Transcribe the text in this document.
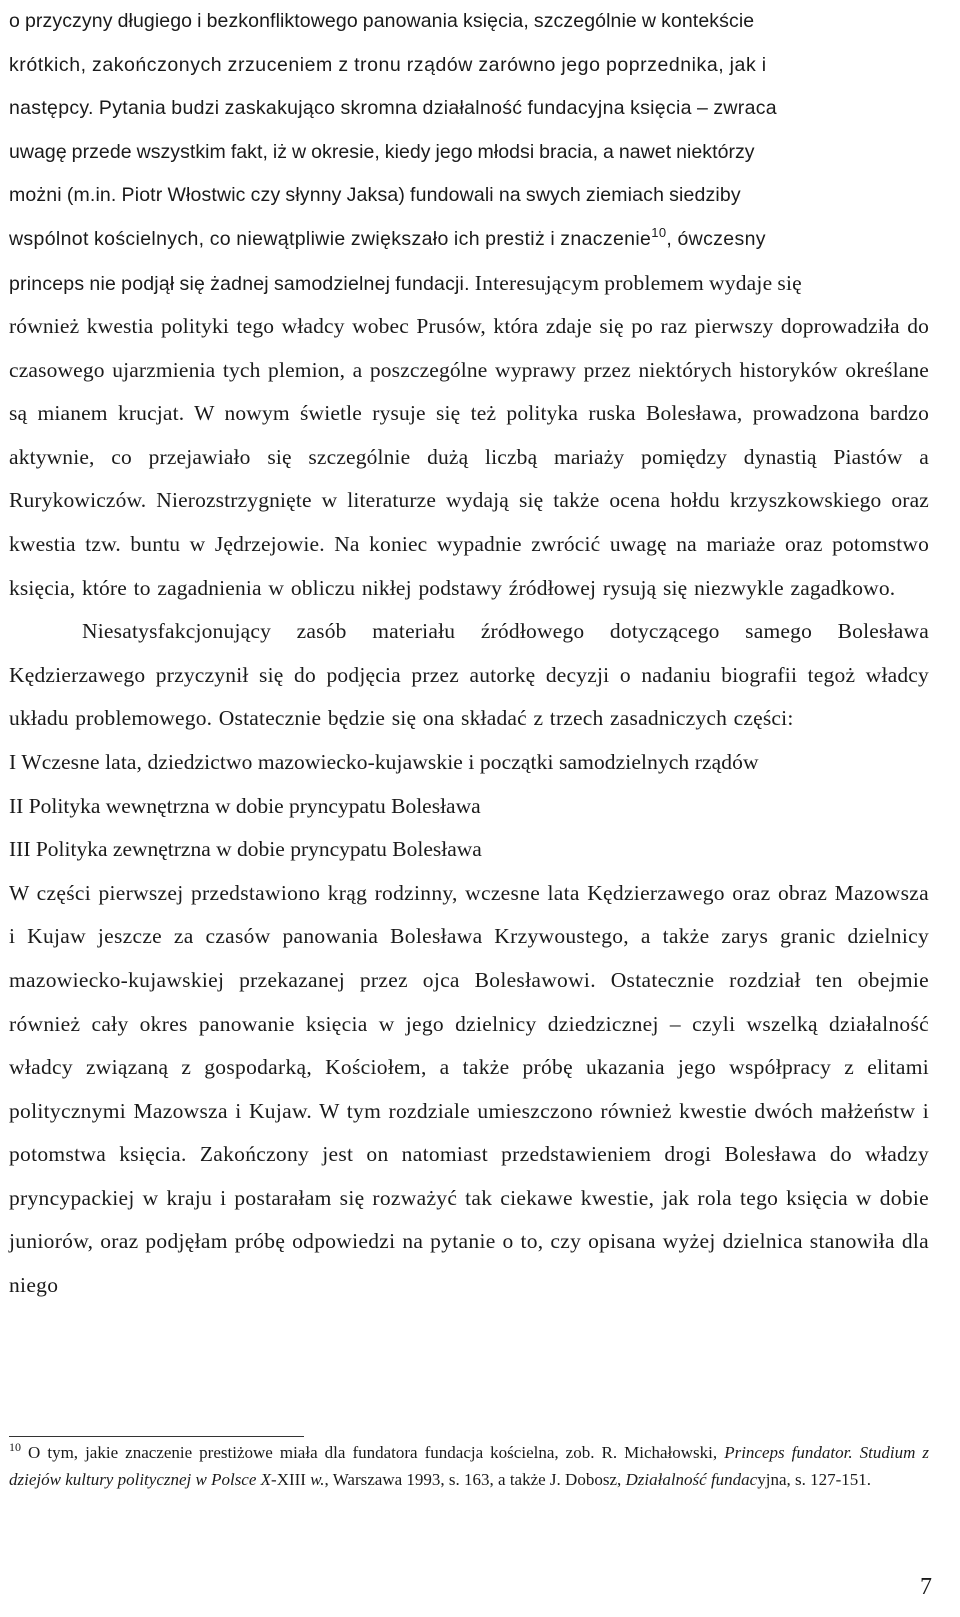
o przyczyny długiego i bezkonfliktowego panowania księcia, szczególnie w kontekście
krótkich, zakończonych zrzuceniem z tronu rządów zarówno jego poprzednika, jak i
następcy. Pytania budzi zaskakująco skromna działalność fundacyjna księcia – zwraca
uwagę przede wszystkim fakt, iż w okresie, kiedy jego młodsi bracia, a nawet niektórzy
możni (m.in. Piotr Włostwic czy słynny Jaksa) fundowali na swych ziemiach siedziby
wspólnot kościelnych, co niewątpliwie zwiększało ich prestiż i znaczenie$^{10}$, ówczesny
princeps nie podjął się żadnej samodzielnej fundacji. Interesującym problemem wydaje się

również kwestia polityki tego władcy wobec Prusów, która zdaje się po raz pierwszy doprowadziła do czasowego ujarzmienia tych plemion, a poszczególne wyprawy przez niektórych historyków określane są mianem krucjat. W nowym świetle rysuje się też polityka ruska Bolesława, prowadzona bardzo aktywnie, co przejawiało się szczególnie dużą liczbą mariaży pomiędzy dynastią Piastów a Rurykowiczów. Nierozstrzygnięte w literaturze wydają się także ocena hołdu krzyszkowskiego oraz kwestia tzw. buntu w Jędrzejowie. Na koniec wypadnie zwrócić uwagę na mariaże oraz potomstwo księcia, które to zagadnienia w obliczu nikłej podstawy źródłowej rysują się niezwykle zagadkowo.

Niesatysfakcjonujący zasób materiału źródłowego dotyczącego samego Bolesława Kędzierzawego przyczynił się do podjęcia przez autorkę decyzji o nadaniu biografii tegoż władcy układu problemowego. Ostatecznie będzie się ona składać z trzech zasadniczych części:

I Wczesne lata, dziedzictwo mazowiecko-kujawskie i początki samodzielnych rządów
II Polityka wewnętrzna w dobie pryncypatu Bolesława
III Polityka zewnętrzna w dobie pryncypatu Bolesława

W części pierwszej przedstawiono krąg rodzinny, wczesne lata Kędzierzawego oraz obraz Mazowsza i Kujaw jeszcze za czasów panowania Bolesława Krzywoustego, a także zarys granic dzielnicy mazowiecko-kujawskiej przekazanej przez ojca Bolesławowi. Ostatecznie rozdział ten obejmie również cały okres panowanie księcia w jego dzielnicy dziedzicznej – czyli wszelką działalność władcy związaną z gospodarką, Kościołem, a także próbę ukazania jego współpracy z elitami politycznymi Mazowsza i Kujaw. W tym rozdziale umieszczono również kwestie dwóch małżeństw i potomstwa księcia. Zakończony jest on natomiast przedstawieniem drogi Bolesława do władzy pryncypackiej w kraju i postarałam się rozważyć tak ciekawe kwestie, jak rola tego księcia w dobie juniorów, oraz podjęłam próbę odpowiedzi na pytanie o to, czy opisana wyżej dzielnica stanowiła dla niego

$^{10}$ O tym, jakie znaczenie prestiżowe miała dla fundatora fundacja kościelna, zob. R. Michałowski, Princeps fundator. Studium z dziejów kultury politycznej w Polsce X-XIII w., Warszawa 1993, s. 163, a także J. Dobosz, Działalność fundacyjna, s. 127-151.

7
